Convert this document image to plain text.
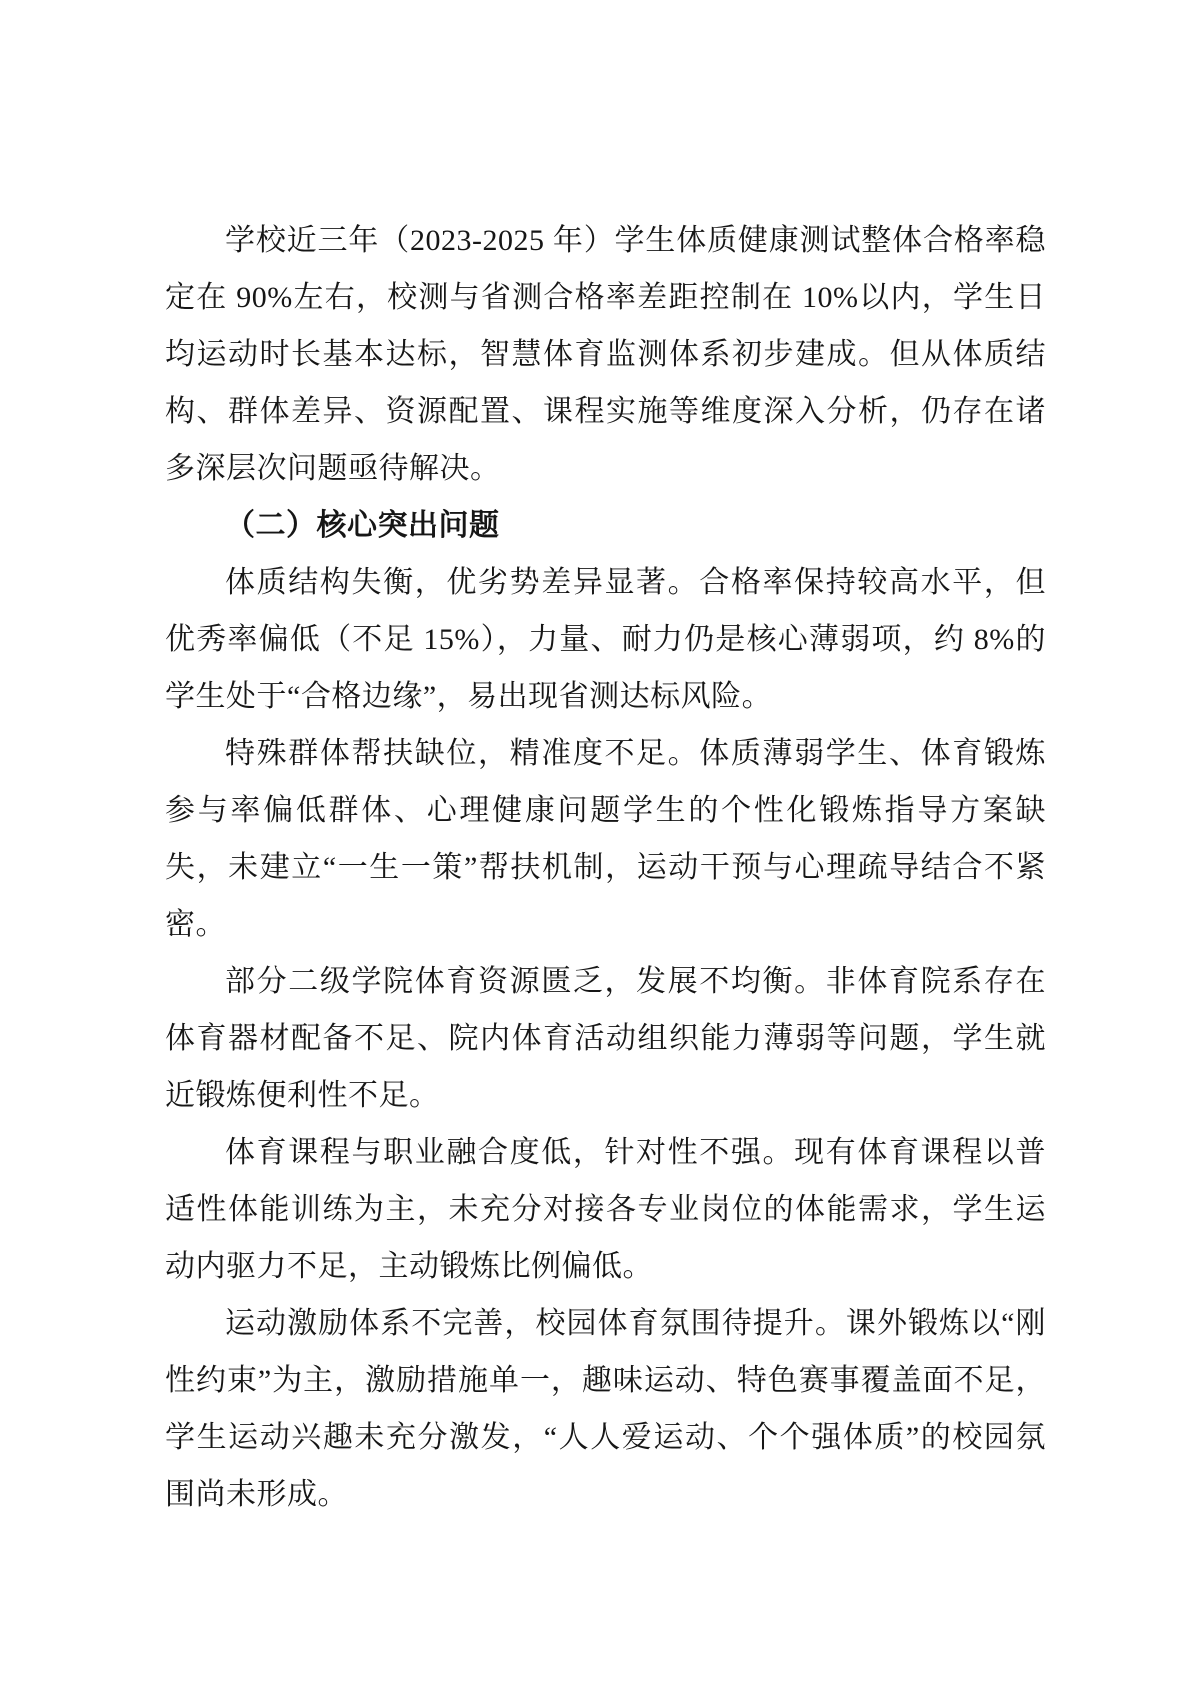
学校近三年（2023-2025 年）学生体质健康测试整体合格率稳定在 90%左右，校测与省测合格率差距控制在 10%以内，学生日均运动时长基本达标，智慧体育监测体系初步建成。但从体质结构、群体差异、资源配置、课程实施等维度深入分析，仍存在诸多深层次问题亟待解决。

（二）核心突出问题

体质结构失衡，优劣势差异显著。合格率保持较高水平，但优秀率偏低（不足 15%），力量、耐力仍是核心薄弱项，约 8%的学生处于“合格边缘”，易出现省测达标风险。

特殊群体帮扶缺位，精准度不足。体质薄弱学生、体育锻炼参与率偏低群体、心理健康问题学生的个性化锻炼指导方案缺失，未建立“一生一策”帮扶机制，运动干预与心理疏导结合不紧密。

部分二级学院体育资源匮乏，发展不均衡。非体育院系存在体育器材配备不足、院内体育活动组织能力薄弱等问题，学生就近锻炼便利性不足。

体育课程与职业融合度低，针对性不强。现有体育课程以普适性体能训练为主，未充分对接各专业岗位的体能需求，学生运动内驱力不足，主动锻炼比例偏低。

运动激励体系不完善，校园体育氛围待提升。课外锻炼以“刚性约束”为主，激励措施单一，趣味运动、特色赛事覆盖面不足，学生运动兴趣未充分激发，“人人爱运动、个个强体质”的校园氛围尚未形成。
